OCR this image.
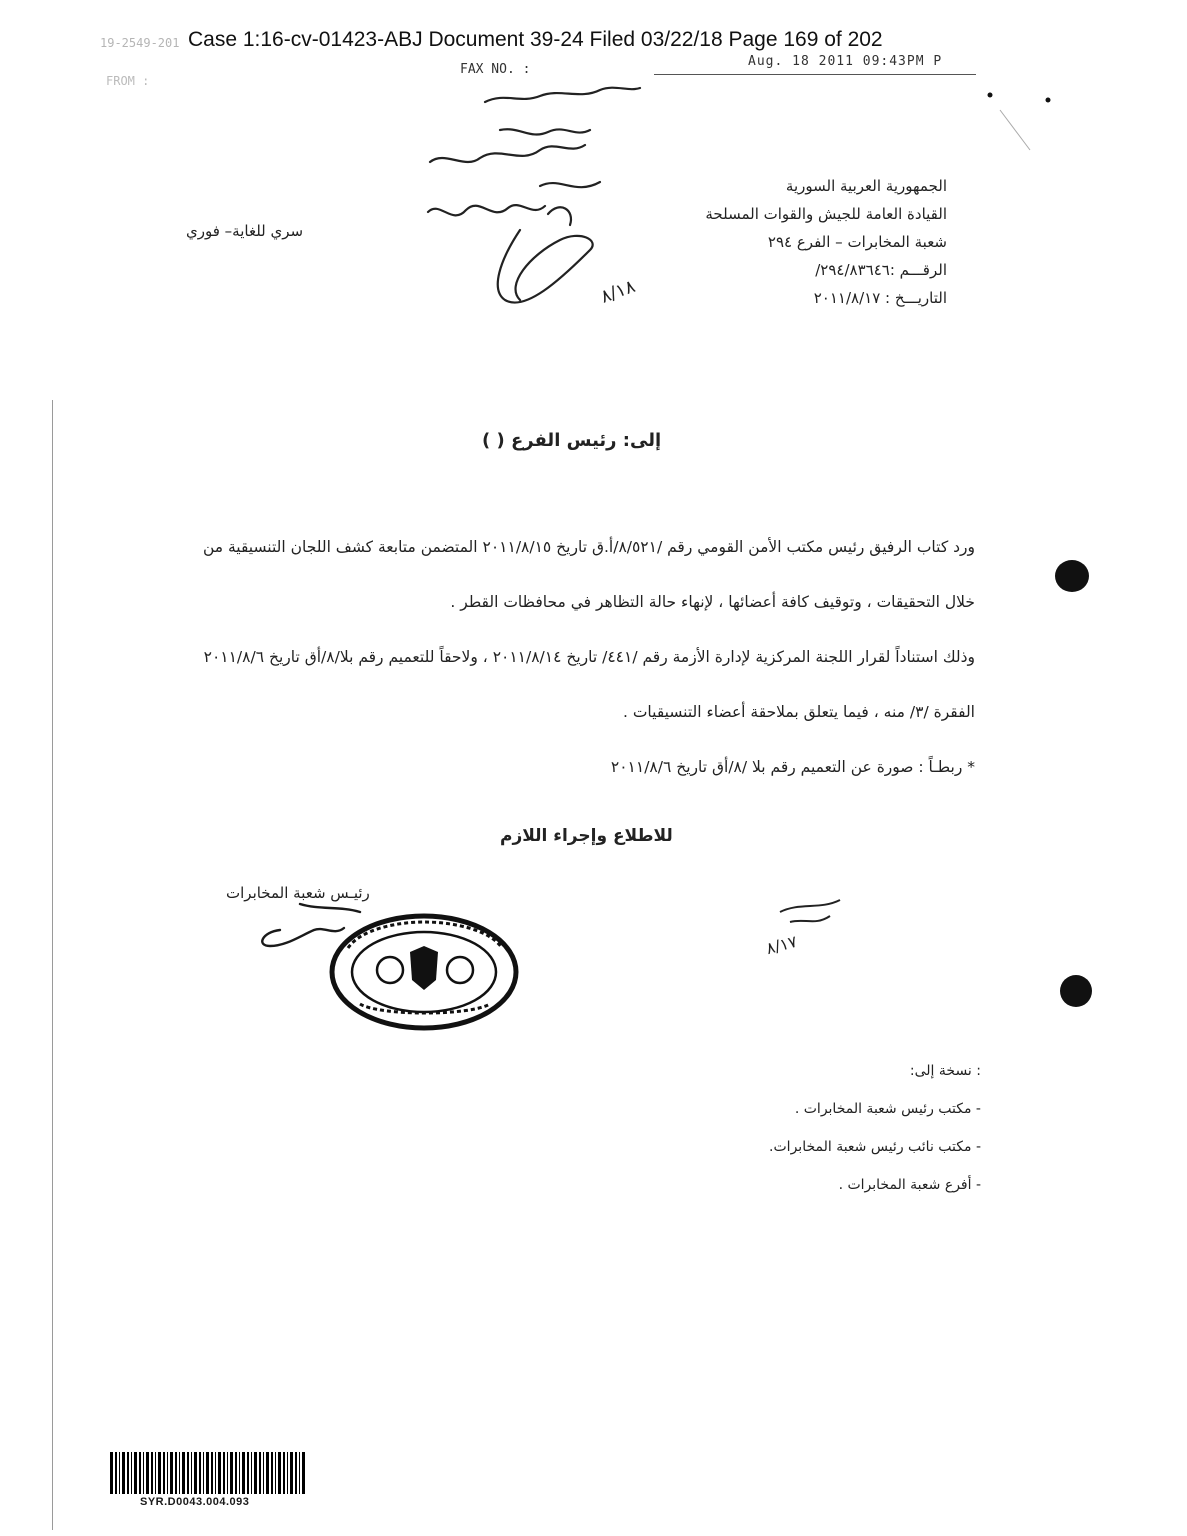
19-2549-201 Case 1:16-cv-01423-ABJ Document 39-24 Filed 03/22/18 Page 169 of 202
FROM :
FAX NO. :
Aug. 18 2011 09:43PM P
٨/١٨
٨/١٧
الجمهورية العربية السورية
القيادة العامة للجيش والقوات المسلحة
شعبة المخابرات – الفرع ٢٩٤
الرقـــم :٢٩٤/٨٣٦٤٦/
التاريـــخ : ٢٠١١/٨/١٧
سري للغاية– فوري
إلى: رئيس الفرع ( )

ورد كتاب الرفيق رئيس مكتب الأمن القومي رقم /٨/٥٢١/أ.ق تاريخ ٢٠١١/٨/١٥ المتضمن متابعة كشف اللجان التنسيقية من خلال التحقيقات ، وتوقيف كافة أعضائها ، لإنهاء حالة التظاهر في محافظات القطر .

وذلك استناداً لقرار اللجنة المركزية لإدارة الأزمة رقم /٤٤١/ تاريخ ٢٠١١/٨/١٤ ، ولاحقاً للتعميم رقم بلا/٨/أق تاريخ ٢٠١١/٨/٦ الفقرة /٣/ منه ، فيما يتعلق بملاحقة أعضاء التنسيقيات .

* ربطـاً : صورة عن التعميم رقم بلا /٨/أق تاريخ ٢٠١١/٨/٦

للاطلاع وإجراء اللازم
رئيـس شعبة المخابرات
: نسخة إلى:
- مكتب رئيس شعبة المخابرات .
- مكتب نائب رئيس شعبة المخابرات.
- أفرع شعبة المخابرات .
SYR.D0043.004.093
